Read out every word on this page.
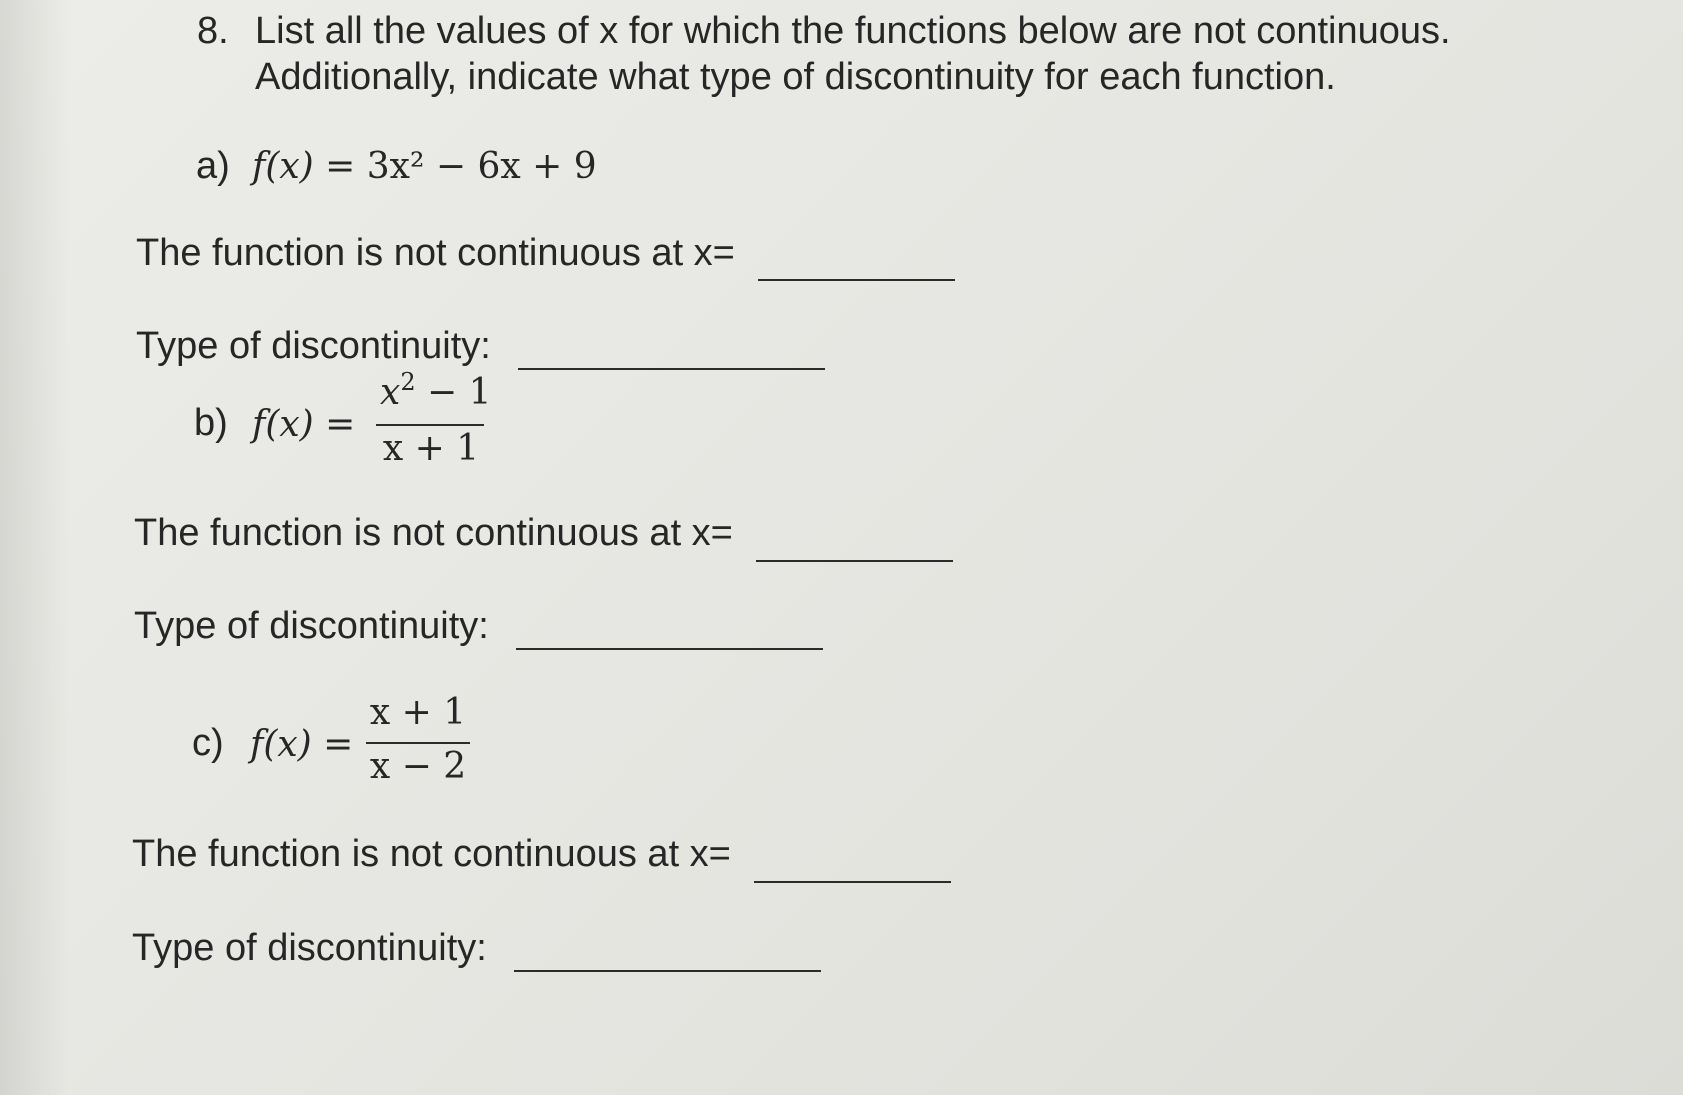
8. List all the values of x for which the functions below are not continuous.
Additionally, indicate what type of discontinuity for each function.
a) f(x) = 3x² − 6x + 9
The function is not continuous at x=
Type of discontinuity:
b) f(x) =
$x^2 - 1$
x + 1
The function is not continuous at x=
Type of discontinuity:
c) f(x) =
x + 1
x − 2
The function is not continuous at x=
Type of discontinuity:
